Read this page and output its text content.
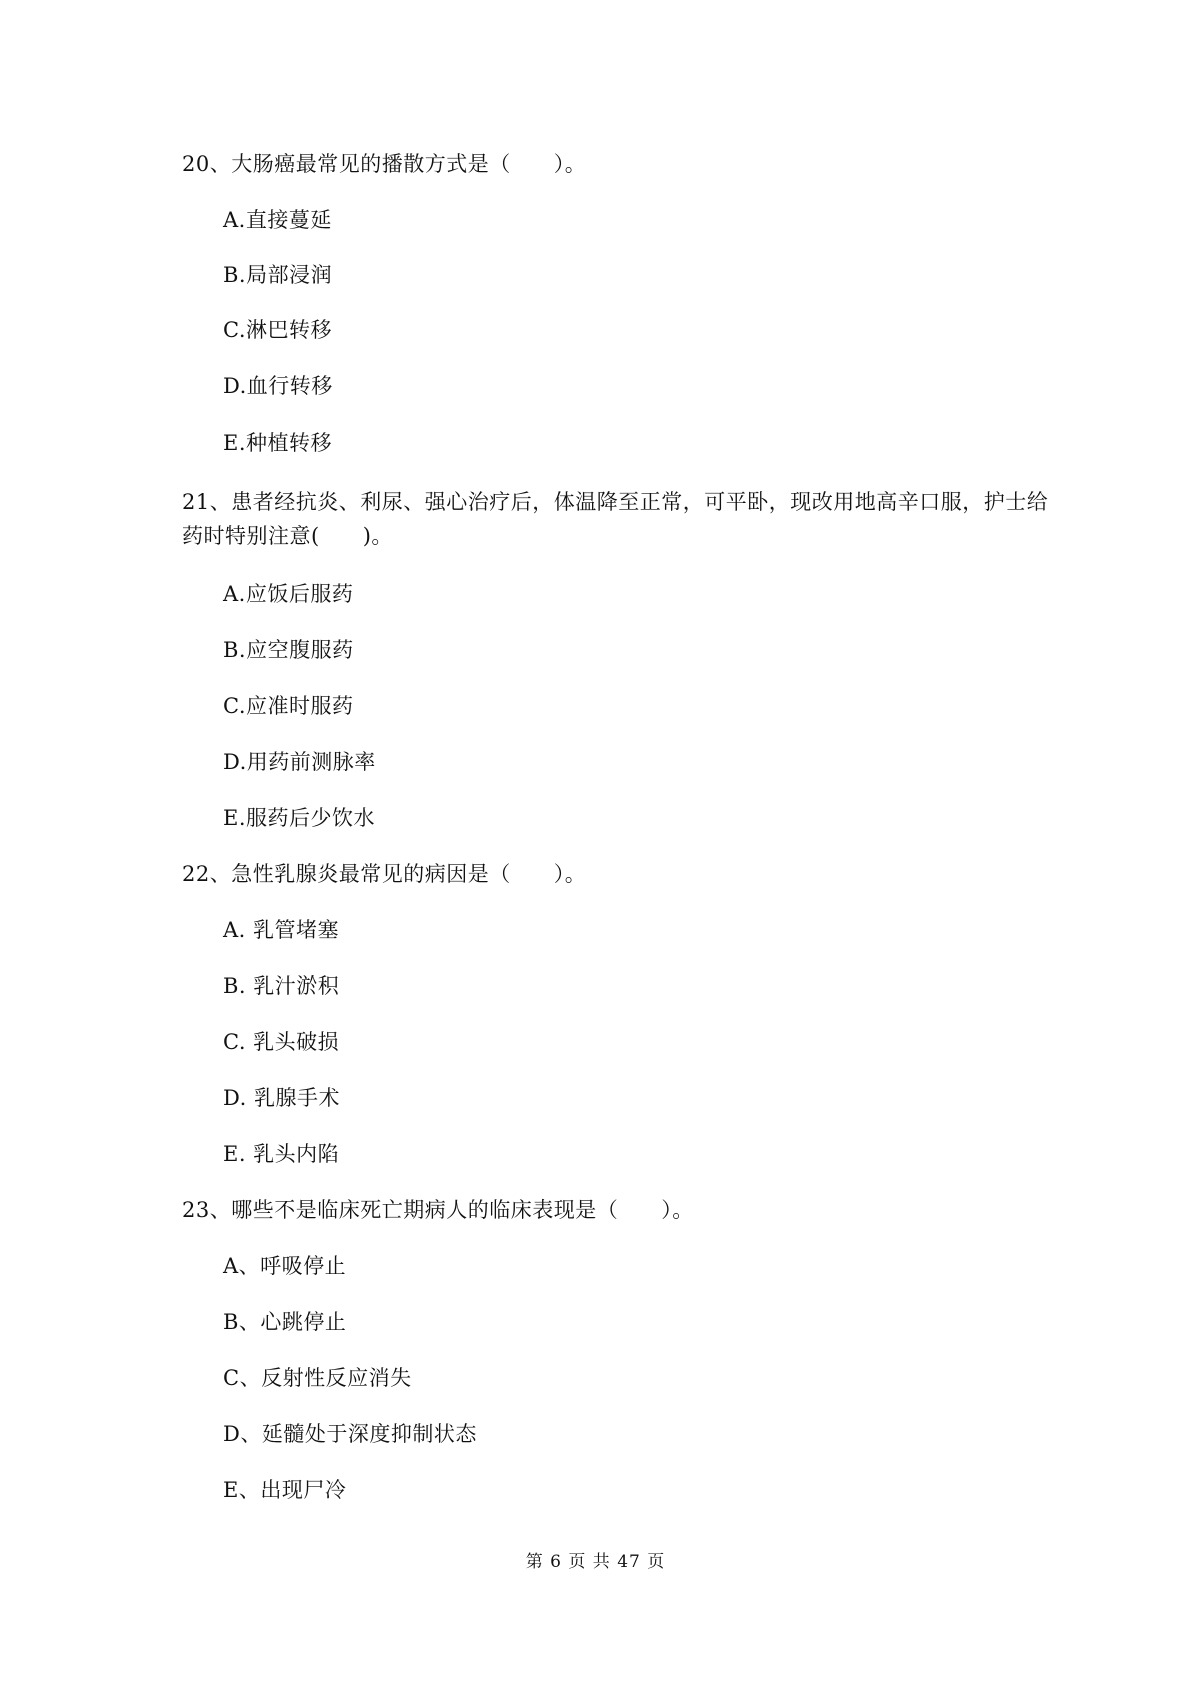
20、大肠癌最常见的播散方式是（　　）。
A.直接蔓延
B.局部浸润
C.淋巴转移
D.血行转移
E.种植转移
21、患者经抗炎、利尿、强心治疗后，体温降至正常，可平卧，现改用地高辛口服，护士给
药时特别注意(　　)。
A.应饭后服药
B.应空腹服药
C.应准时服药
D.用药前测脉率
E.服药后少饮水
22、急性乳腺炎最常见的病因是（　　）。
A. 乳管堵塞
B. 乳汁淤积
C. 乳头破损
D. 乳腺手术
E. 乳头内陷
23、哪些不是临床死亡期病人的临床表现是（　　）。
A、呼吸停止
B、心跳停止
C、反射性反应消失
D、延髓处于深度抑制状态
E、出现尸冷
第 6 页 共 47 页
